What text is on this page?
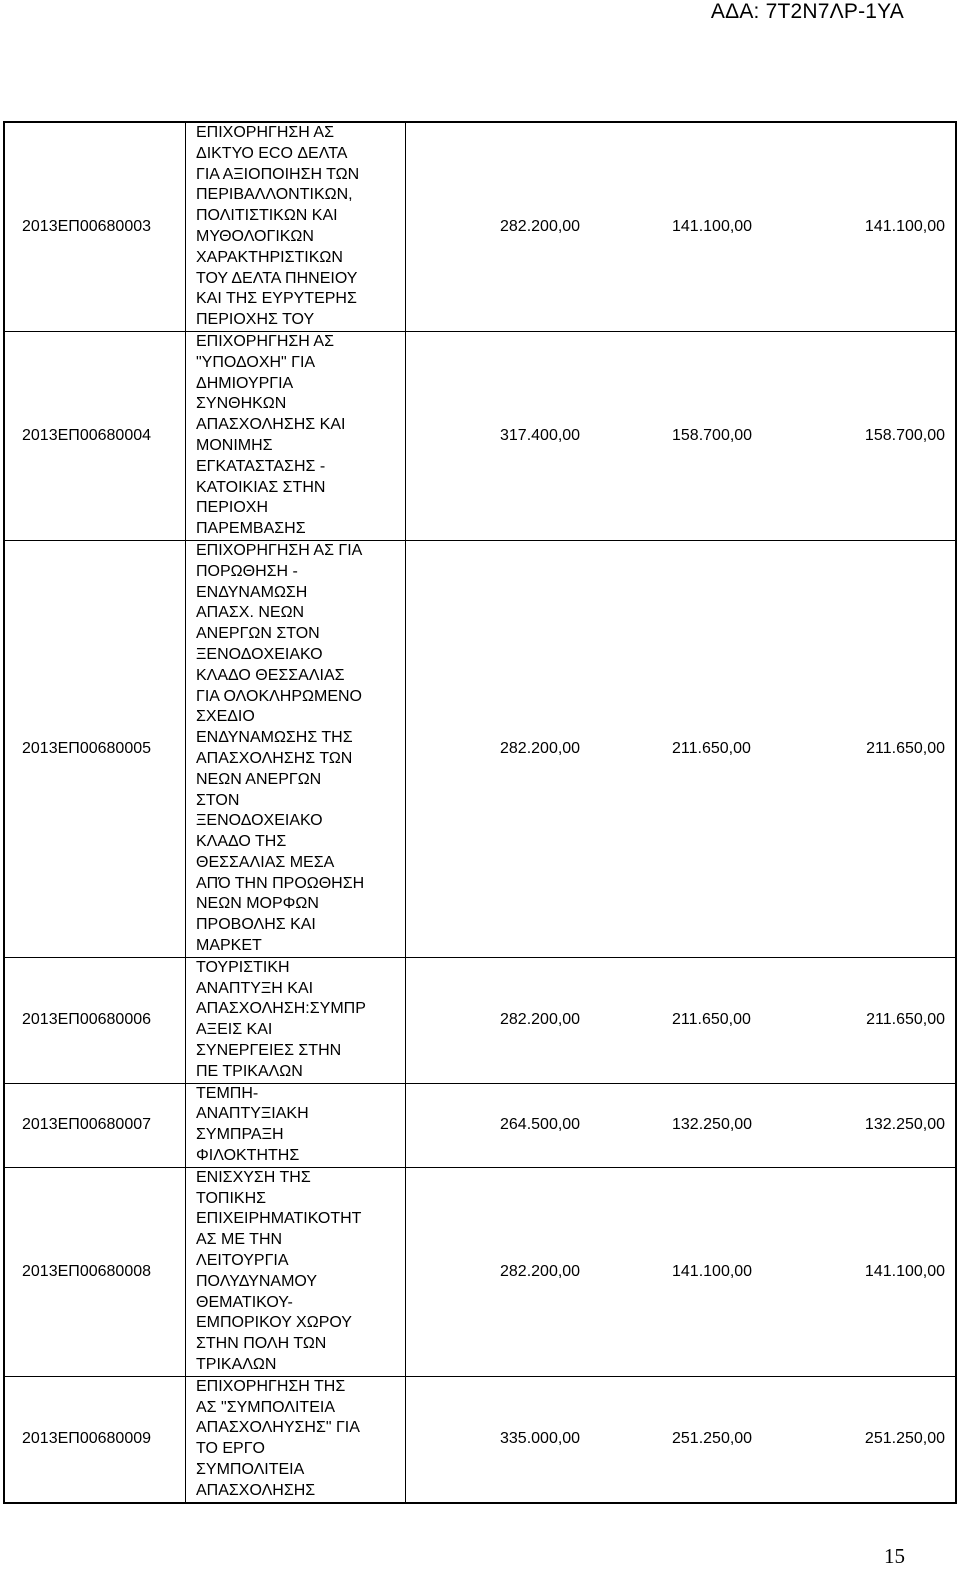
ΑΔΑ: 7Τ2Ν7ΛΡ-1ΥΑ
2013ΕΠ00680003
ΕΠΙΧΟΡΗΓΗΣΗ ΑΣ
ΔΙΚΤΥΟ ECO ΔΕΛΤΑ
ΓΙΑ ΑΞΙΟΠΟΙΗΣΗ ΤΩΝ
ΠΕΡΙΒΑΛΛΟΝΤΙΚΩΝ,
ΠΟΛΙΤΙΣΤΙΚΩΝ ΚΑΙ
ΜΥΘΟΛΟΓΙΚΩΝ
ΧΑΡΑΚΤΗΡΙΣΤΙΚΩΝ
ΤΟΥ ΔΕΛΤΑ ΠΗΝΕΙΟΥ
ΚΑΙ ΤΗΣ ΕΥΡΥΤΕΡΗΣ
ΠΕΡΙΟΧΗΣ ΤΟΥ
282.200,00	141.100,00	141.100,00
2013ΕΠ00680004
ΕΠΙΧΟΡΗΓΗΣΗ ΑΣ
"ΥΠΟΔΟΧΗ" ΓΙΑ
ΔΗΜΙΟΥΡΓΙΑ
ΣΥΝΘΗΚΩΝ
ΑΠΑΣΧΟΛΗΣΗΣ ΚΑΙ
ΜΟΝΙΜΗΣ
ΕΓΚΑΤΑΣΤΑΣΗΣ -
ΚΑΤΟΙΚΙΑΣ ΣΤΗΝ
ΠΕΡΙΟΧΗ
ΠΑΡΕΜΒΑΣΗΣ
317.400,00	158.700,00	158.700,00
2013ΕΠ00680005
ΕΠΙΧΟΡΗΓΗΣΗ ΑΣ ΓΙΑ
ΠΟΡΩΘΗΣΗ -
ΕΝΔΥΝΑΜΩΣΗ
ΑΠΑΣΧ. ΝΕΩΝ
ΑΝΕΡΓΩΝ ΣΤΟΝ
ΞΕΝΟΔΟΧΕΙΑΚΟ
ΚΛΑΔΟ ΘΕΣΣΑΛΙΑΣ
ΓΙΑ ΟΛΟΚΛΗΡΩΜΕΝΟ
ΣΧΕΔΙΟ
ΕΝΔΥΝΑΜΩΣΗΣ ΤΗΣ
ΑΠΑΣΧΟΛΗΣΗΣ ΤΩΝ
ΝΕΩΝ ΑΝΕΡΓΩΝ
ΣΤΟΝ
ΞΕΝΟΔΟΧΕΙΑΚΟ
ΚΛΑΔΟ ΤΗΣ
ΘΕΣΣΑΛΙΑΣ ΜΕΣΑ
ΑΠΌ ΤΗΝ ΠΡΟΩΘΗΣΗ
ΝΕΩΝ ΜΟΡΦΩΝ
ΠΡΟΒΟΛΗΣ ΚΑΙ
ΜΑΡΚΕΤ
282.200,00	211.650,00	211.650,00
2013ΕΠ00680006
ΤΟΥΡΙΣΤΙΚΗ
ΑΝΑΠΤΥΞΗ ΚΑΙ
ΑΠΑΣΧΟΛΗΣΗ:ΣΥΜΠΡ
ΑΞΕΙΣ ΚΑΙ
ΣΥΝΕΡΓΕΙΕΣ ΣΤΗΝ
ΠΕ ΤΡΙΚΑΛΩΝ
282.200,00	211.650,00	211.650,00
2013ΕΠ00680007
ΤΕΜΠΗ-
ΑΝΑΠΤΥΞΙΑΚΗ
ΣΥΜΠΡΑΞΗ
ΦΙΛΟΚΤΗΤΗΣ
264.500,00	132.250,00	132.250,00
2013ΕΠ00680008
ΕΝΙΣΧΥΣΗ ΤΗΣ
ΤΟΠΙΚΗΣ
ΕΠΙΧΕΙΡΗΜΑΤΙΚΟΤΗΤ
ΑΣ ΜΕ ΤΗΝ
ΛΕΙΤΟΥΡΓΙΑ
ΠΟΛΥΔΥΝΑΜΟΥ
ΘΕΜΑΤΙΚΟΥ-
ΕΜΠΟΡΙΚΟΥ ΧΩΡΟΥ
ΣΤΗΝ ΠΟΛΗ ΤΩΝ
ΤΡΙΚΑΛΩΝ
282.200,00	141.100,00	141.100,00
2013ΕΠ00680009
ΕΠΙΧΟΡΗΓΗΣΗ ΤΗΣ
ΑΣ "ΣΥΜΠΟΛΙΤΕΙΑ
ΑΠΑΣΧΟΛΗΥΣΗΣ" ΓΙΑ
ΤΟ ΕΡΓΟ
ΣΥΜΠΟΛΙΤΕΙΑ
ΑΠΑΣΧΟΛΗΣΗΣ
335.000,00	251.250,00	251.250,00
15
